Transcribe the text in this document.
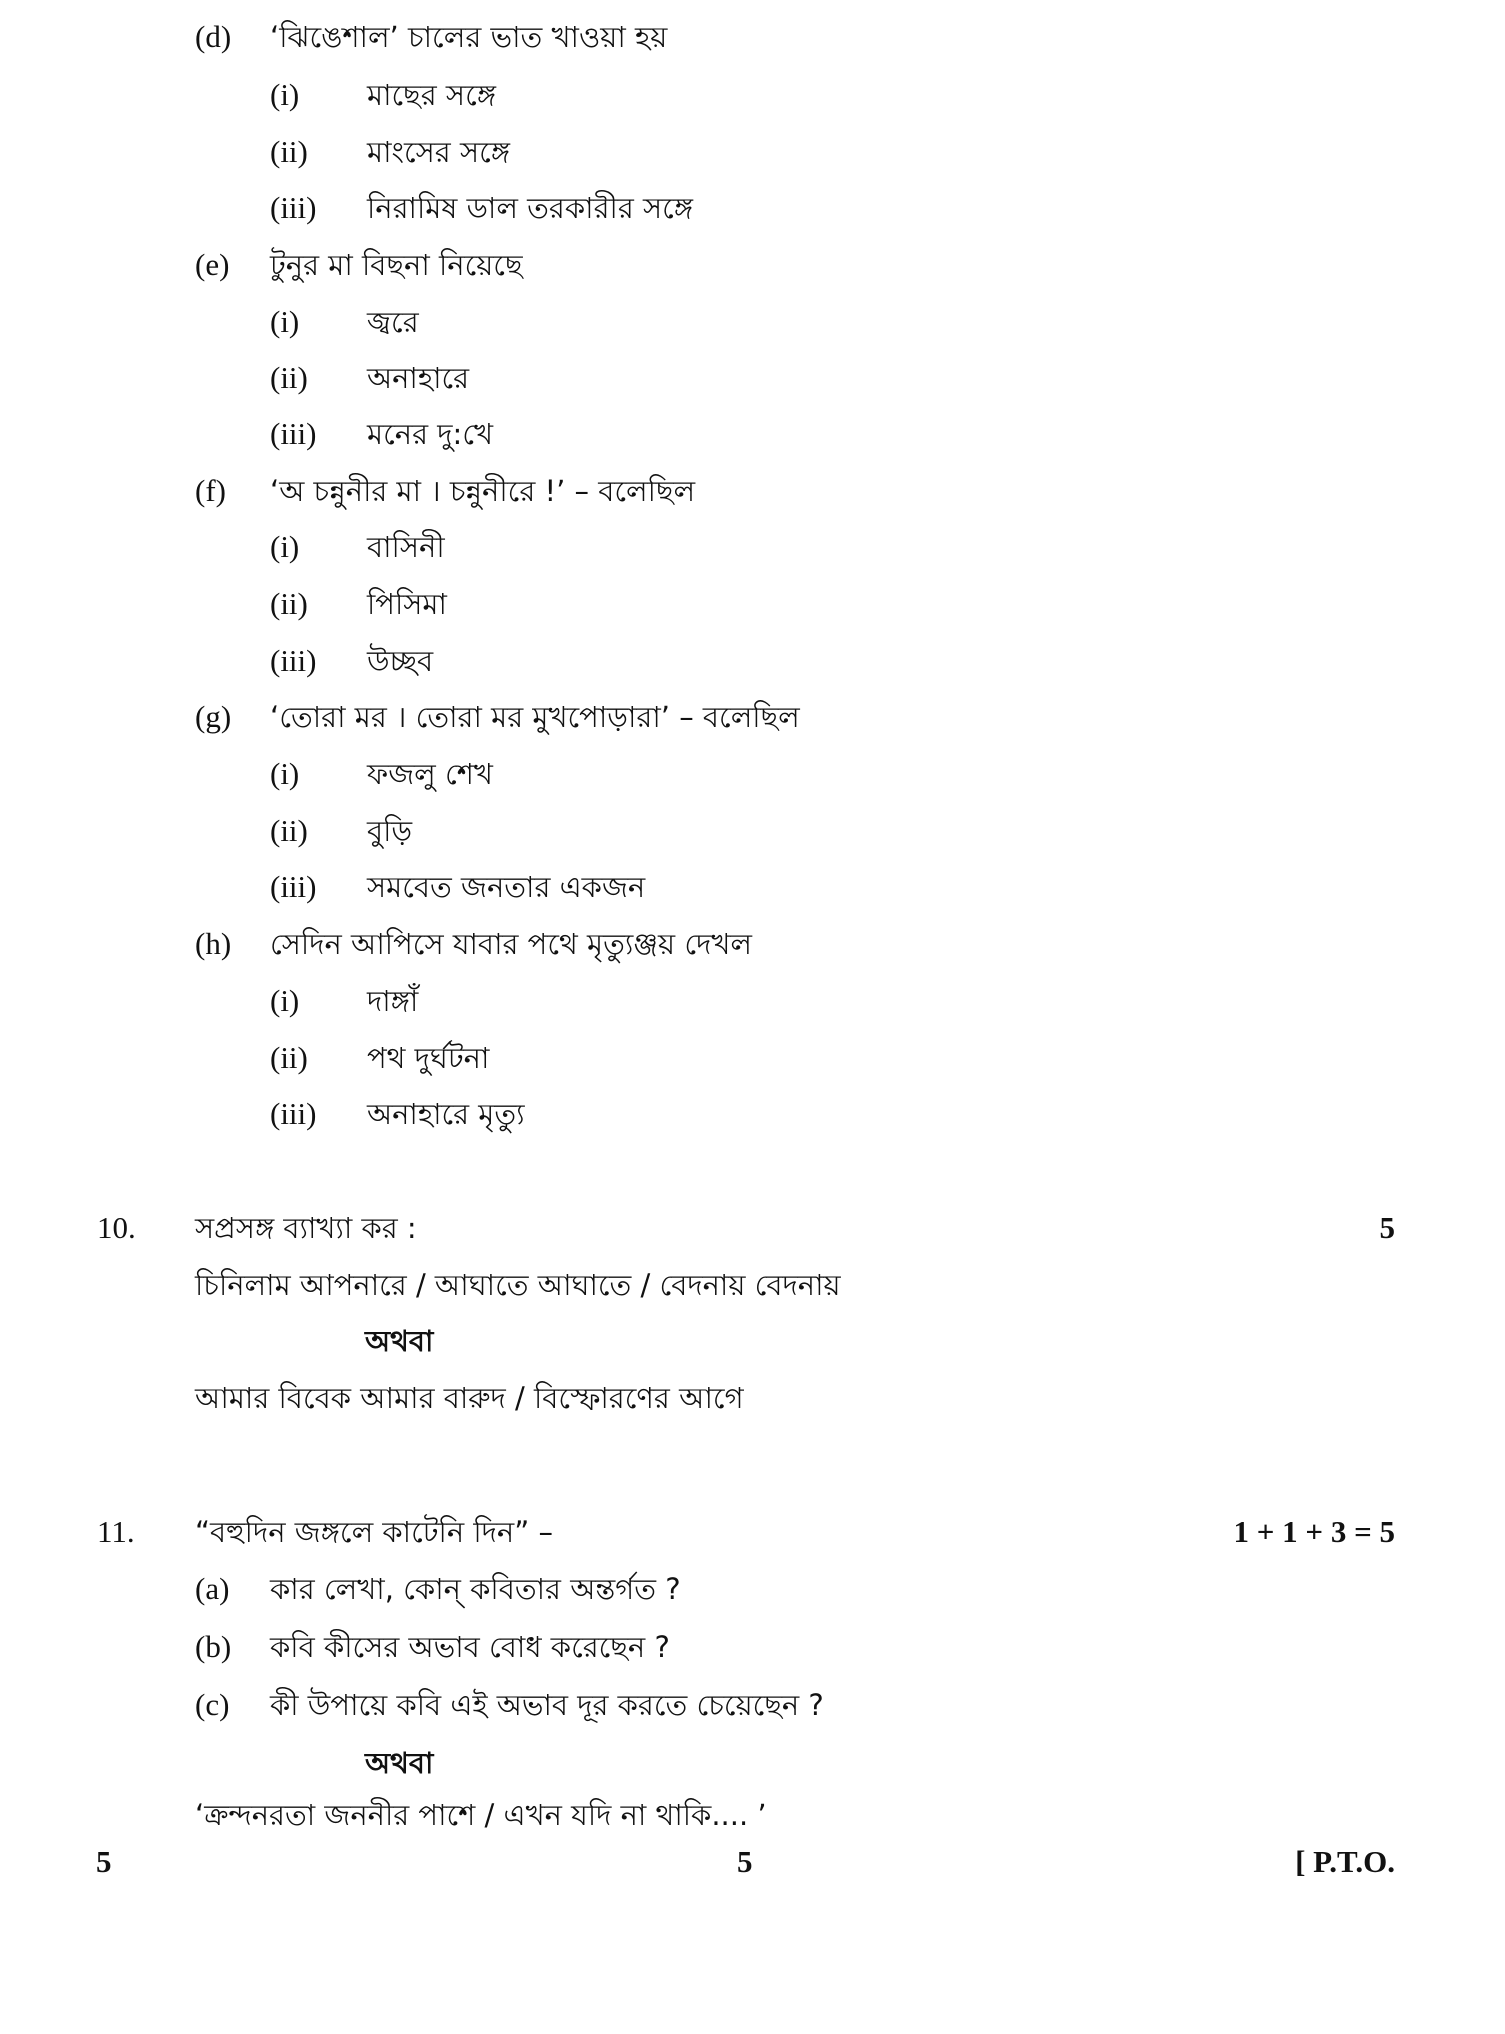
(d) ‘ঝিঙেশাল’ চালের ভাত খাওয়া হয়
(i) মাছের সঙ্গে
(ii) মাংসের সঙ্গে
(iii) নিরামিষ ডাল তরকারীর সঙ্গে
(e) টুনুর মা বিছনা নিয়েছে
(i) জ্বরে
(ii) অনাহারে
(iii) মনের দু:খে
(f) ‘অ চন্নুনীর মা । চন্নুনীরে !’ – বলেছিল
(i) বাসিনী
(ii) পিসিমা
(iii) উচ্ছব
(g) ‘তোরা মর । তোরা মর মুখপোড়ারা’ – বলেছিল
(i) ফজলু শেখ
(ii) বুড়ি
(iii) সমবেত জনতার একজন
(h) সেদিন আপিসে যাবার পথে মৃত্যুঞ্জয় দেখল
(i) দাঙ্গাঁ
(ii) পথ দুর্ঘটনা
(iii) অনাহারে মৃত্যু
10. সপ্রসঙ্গ ব্যাখ্যা কর :	5
চিনিলাম আপনারে / আঘাতে আঘাতে / বেদনায় বেদনায়
অথবা
আমার বিবেক আমার বারুদ / বিস্ফোরণের আগে
11. “বহুদিন জঙ্গলে কাটেনি দিন” –	1 + 1 + 3 = 5
(a) কার লেখা, কোন্ কবিতার অন্তর্গত ?
(b) কবি কীসের অভাব বোধ করেছেন ?
(c) কী উপায়ে কবি এই অভাব দূর করতে চেয়েছেন ?
অথবা
‘ক্রন্দনরতা জননীর পাশে / এখন যদি না থাকি.... ’
5	5	[ P.T.O.
